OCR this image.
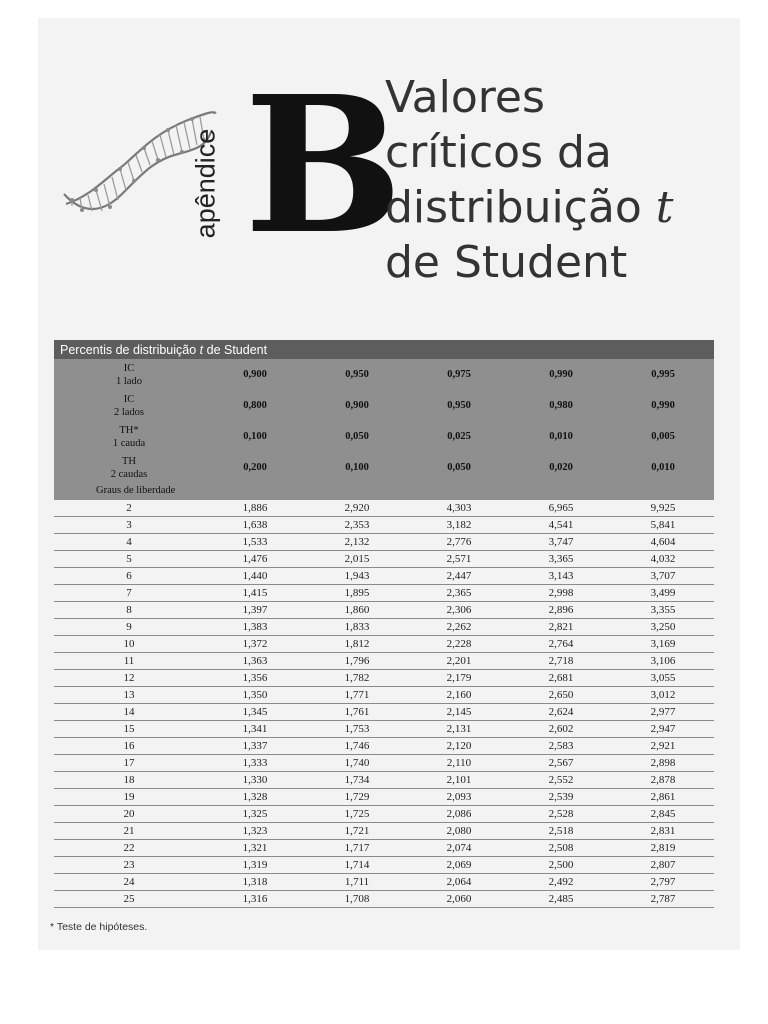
apêndice B
Valores
críticos da
distribuição t
de Student
Percentis de distribuição t de Student					

IC
1 lado	0,900	0,950	0,975	0,990	0,995

IC
2 lados	0,800	0,900	0,950	0,980	0,990

TH*
1 cauda	0,100	0,050	0,025	0,010	0,005

TH
2 caudas	0,200	0,100	0,050	0,020	0,010
Graus de liberdade					
2	1,886	2,920	4,303	6,965	9,925
3	1,638	2,353	3,182	4,541	5,841
4	1,533	2,132	2,776	3,747	4,604
5	1,476	2,015	2,571	3,365	4,032
6	1,440	1,943	2,447	3,143	3,707
7	1,415	1,895	2,365	2,998	3,499
8	1,397	1,860	2,306	2,896	3,355
9	1,383	1,833	2,262	2,821	3,250
10	1,372	1,812	2,228	2,764	3,169
11	1,363	1,796	2,201	2,718	3,106
12	1,356	1,782	2,179	2,681	3,055
13	1,350	1,771	2,160	2,650	3,012
14	1,345	1,761	2,145	2,624	2,977
15	1,341	1,753	2,131	2,602	2,947
16	1,337	1,746	2,120	2,583	2,921
17	1,333	1,740	2,110	2,567	2,898
18	1,330	1,734	2,101	2,552	2,878
19	1,328	1,729	2,093	2,539	2,861
20	1,325	1,725	2,086	2,528	2,845
21	1,323	1,721	2,080	2,518	2,831
22	1,321	1,717	2,074	2,508	2,819
23	1,319	1,714	2,069	2,500	2,807
24	1,318	1,711	2,064	2,492	2,797
25	1,316	1,708	2,060	2,485	2,787
* Teste de hipóteses.
